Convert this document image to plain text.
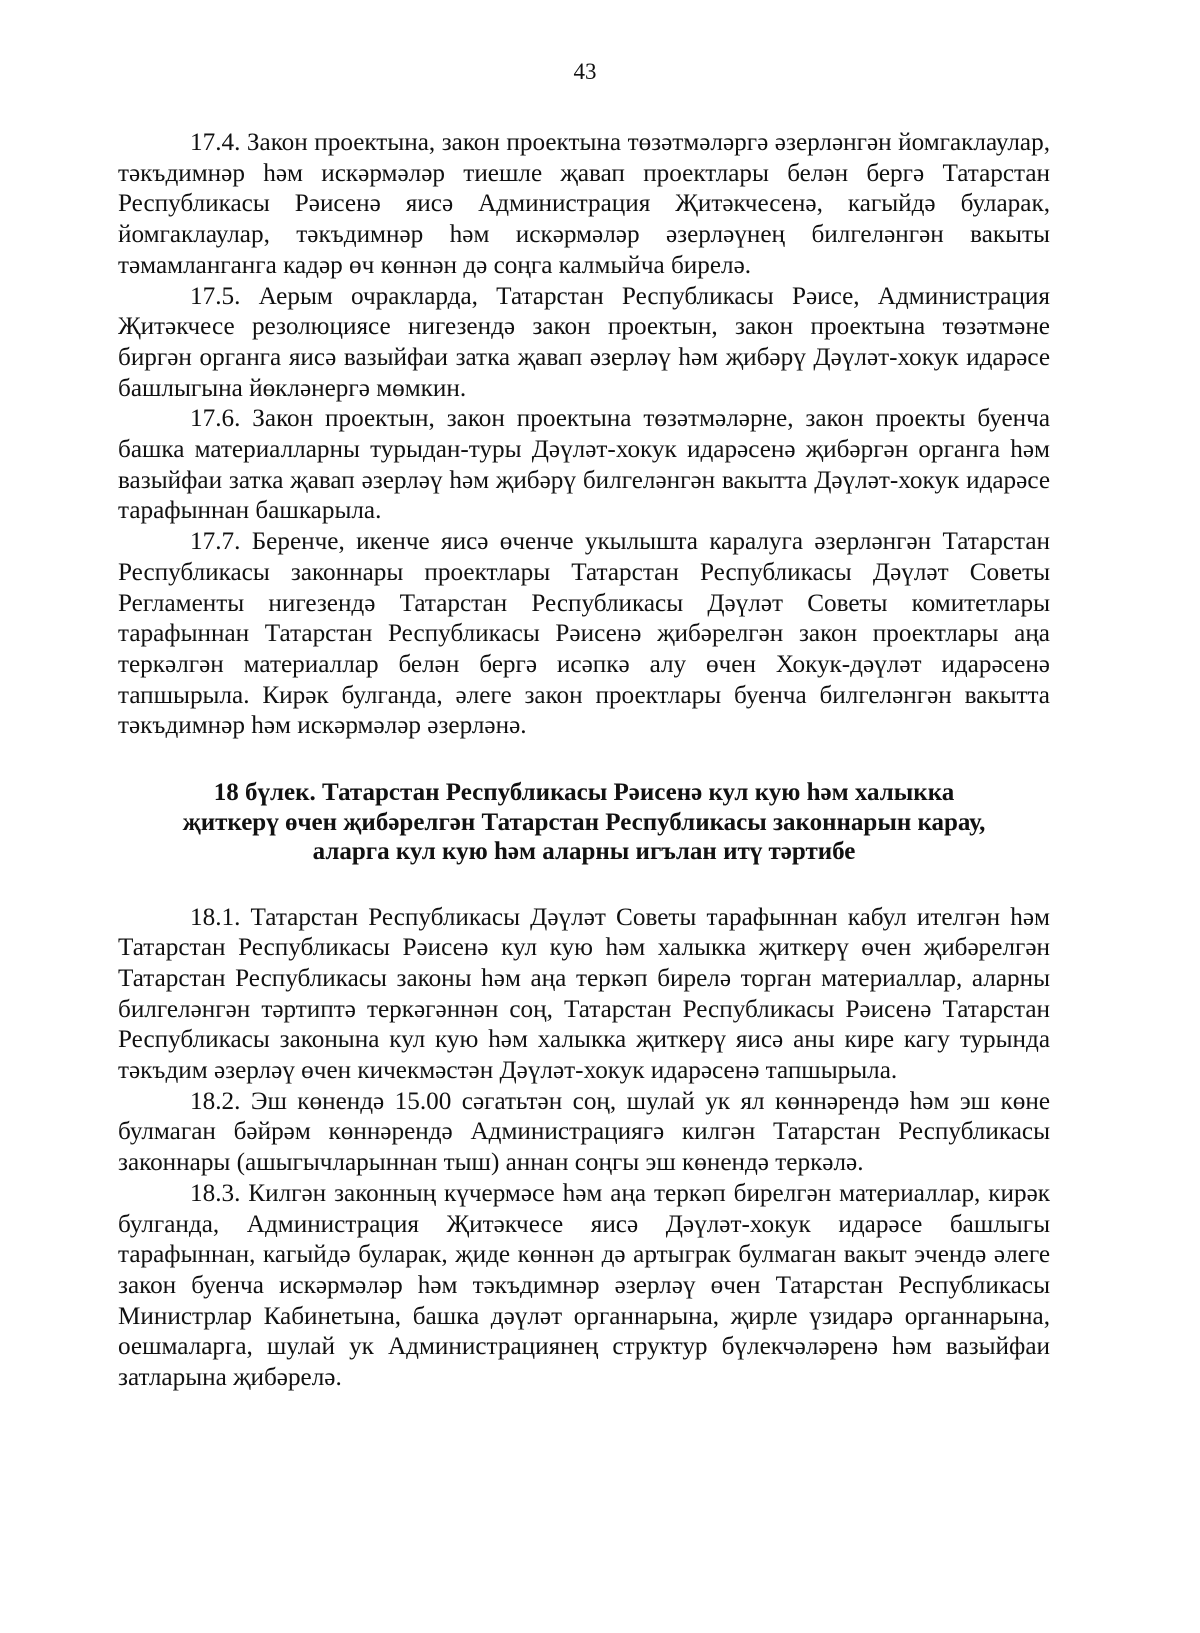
43

17.4. Закон проектына, закон проектына төзәтмәләргә әзерләнгән йомгаклаулар, тәкъдимнәр һәм искәрмәләр тиешле җавап проектлары белән бергә Татарстан Республикасы Рәисенә яисә Администрация Җитәкчесенә, кагыйдә буларак, йомгаклаулар, тәкъдимнәр һәм искәрмәләр әзерләүнең билгеләнгән вакыты тәмамланганга кадәр өч көннән дә соңга калмыйча бирелә.

17.5. Аерым очракларда, Татарстан Республикасы Рәисе, Администрация Җитәкчесе резолюциясе нигезендә закон проектын, закон проектына төзәтмәне биргән органга яисә вазыйфаи затка җавап әзерләү һәм җибәрү Дәүләт-хокук идарәсе башлыгына йөкләнергә мөмкин.

17.6. Закон проектын, закон проектына төзәтмәләрне, закон проекты буенча башка материалларны турыдан-туры Дәүләт-хокук идарәсенә җибәргән органга һәм вазыйфаи затка җавап әзерләү һәм җибәрү билгеләнгән вакытта Дәүләт-хокук идарәсе тарафыннан башкарыла.

17.7. Беренче, икенче яисә өченче укылышта каралуга әзерләнгән Татарстан Республикасы законнары проектлары Татарстан Республикасы Дәүләт Советы Регламенты нигезендә Татарстан Республикасы Дәүләт Советы комитетлары тарафыннан Татарстан Республикасы Рәисенә җибәрелгән закон проектлары аңа теркәлгән материаллар белән бергә исәпкә алу өчен Хокук-дәүләт идарәсенә тапшырыла. Кирәк булганда, әлеге закон проектлары буенча билгеләнгән вакытта тәкъдимнәр һәм искәрмәләр әзерләнә.

18 бүлек. Татарстан Республикасы Рәисенә кул кую һәм халыкка
җиткерү өчен җибәрелгән Татарстан Республикасы законнарын карау,
аларга кул кую һәм аларны игълан итү тәртибе

18.1. Татарстан Республикасы Дәүләт Советы тарафыннан кабул ителгән һәм Татарстан Республикасы Рәисенә кул кую һәм халыкка җиткерү өчен җибәрелгән Татарстан Республикасы законы һәм аңа теркәп бирелә торган материаллар, аларны билгеләнгән тәртиптә теркәгәннән соң, Татарстан Республикасы Рәисенә Татарстан Республикасы законына кул кую һәм халыкка җиткерү яисә аны кире кагу турында тәкъдим әзерләү өчен кичекмәстән Дәүләт-хокук идарәсенә тапшырыла.

18.2. Эш көнендә 15.00 сәгатьтән соң, шулай ук ял көннәрендә һәм эш көне булмаган бәйрәм көннәрендә Администрациягә килгән Татарстан Республикасы законнары (ашыгычларыннан тыш) аннан соңгы эш көнендә теркәлә.

18.3. Килгән законның күчермәсе һәм аңа теркәп бирелгән материаллар, кирәк булганда, Администрация Җитәкчесе яисә Дәүләт-хокук идарәсе башлыгы тарафыннан, кагыйдә буларак, җиде көннән дә артыграк булмаган вакыт эчендә әлеге закон буенча искәрмәләр һәм тәкъдимнәр әзерләү өчен Татарстан Республикасы Министрлар Кабинетына, башка дәүләт органнарына, җирле үзидарә органнарына, оешмаларга, шулай ук Администрациянең структур бүлекчәләренә һәм вазыйфаи затларына җибәрелә.
